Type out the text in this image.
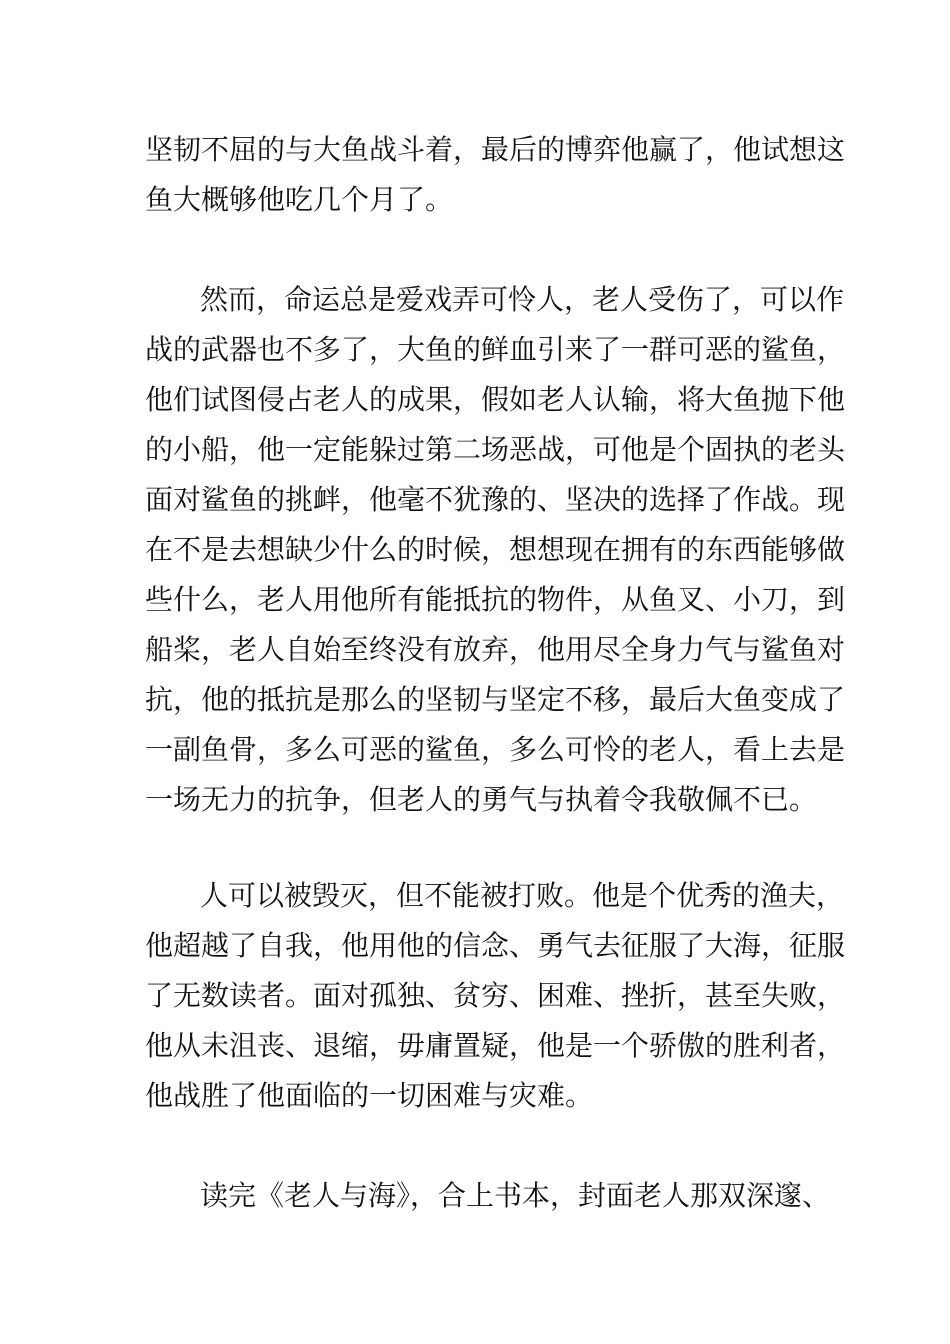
坚韧不屈的与大鱼战斗着，最后的博弈他赢了，他试想这
鱼大概够他吃几个月了。
然而，命运总是爱戏弄可怜人，老人受伤了，可以作
战的武器也不多了，大鱼的鲜血引来了一群可恶的鲨鱼，
他们试图侵占老人的成果，假如老人认输，将大鱼抛下他
的小船，他一定能躲过第二场恶战，可他是个固执的老头
面对鲨鱼的挑衅，他毫不犹豫的、坚决的选择了作战。现
在不是去想缺少什么的时候，想想现在拥有的东西能够做
些什么，老人用他所有能抵抗的物件，从鱼叉、小刀，到
船桨，老人自始至终没有放弃，他用尽全身力气与鲨鱼对
抗，他的抵抗是那么的坚韧与坚定不移，最后大鱼变成了
一副鱼骨，多么可恶的鲨鱼，多么可怜的老人，看上去是
一场无力的抗争，但老人的勇气与执着令我敬佩不已。
人可以被毁灭，但不能被打败。他是个优秀的渔夫，
他超越了自我，他用他的信念、勇气去征服了大海，征服
了无数读者。面对孤独、贫穷、困难、挫折，甚至失败，
他从未沮丧、退缩，毋庸置疑，他是一个骄傲的胜利者，
他战胜了他面临的一切困难与灾难。
读完《老人与海》，合上书本，封面老人那双深邃、
